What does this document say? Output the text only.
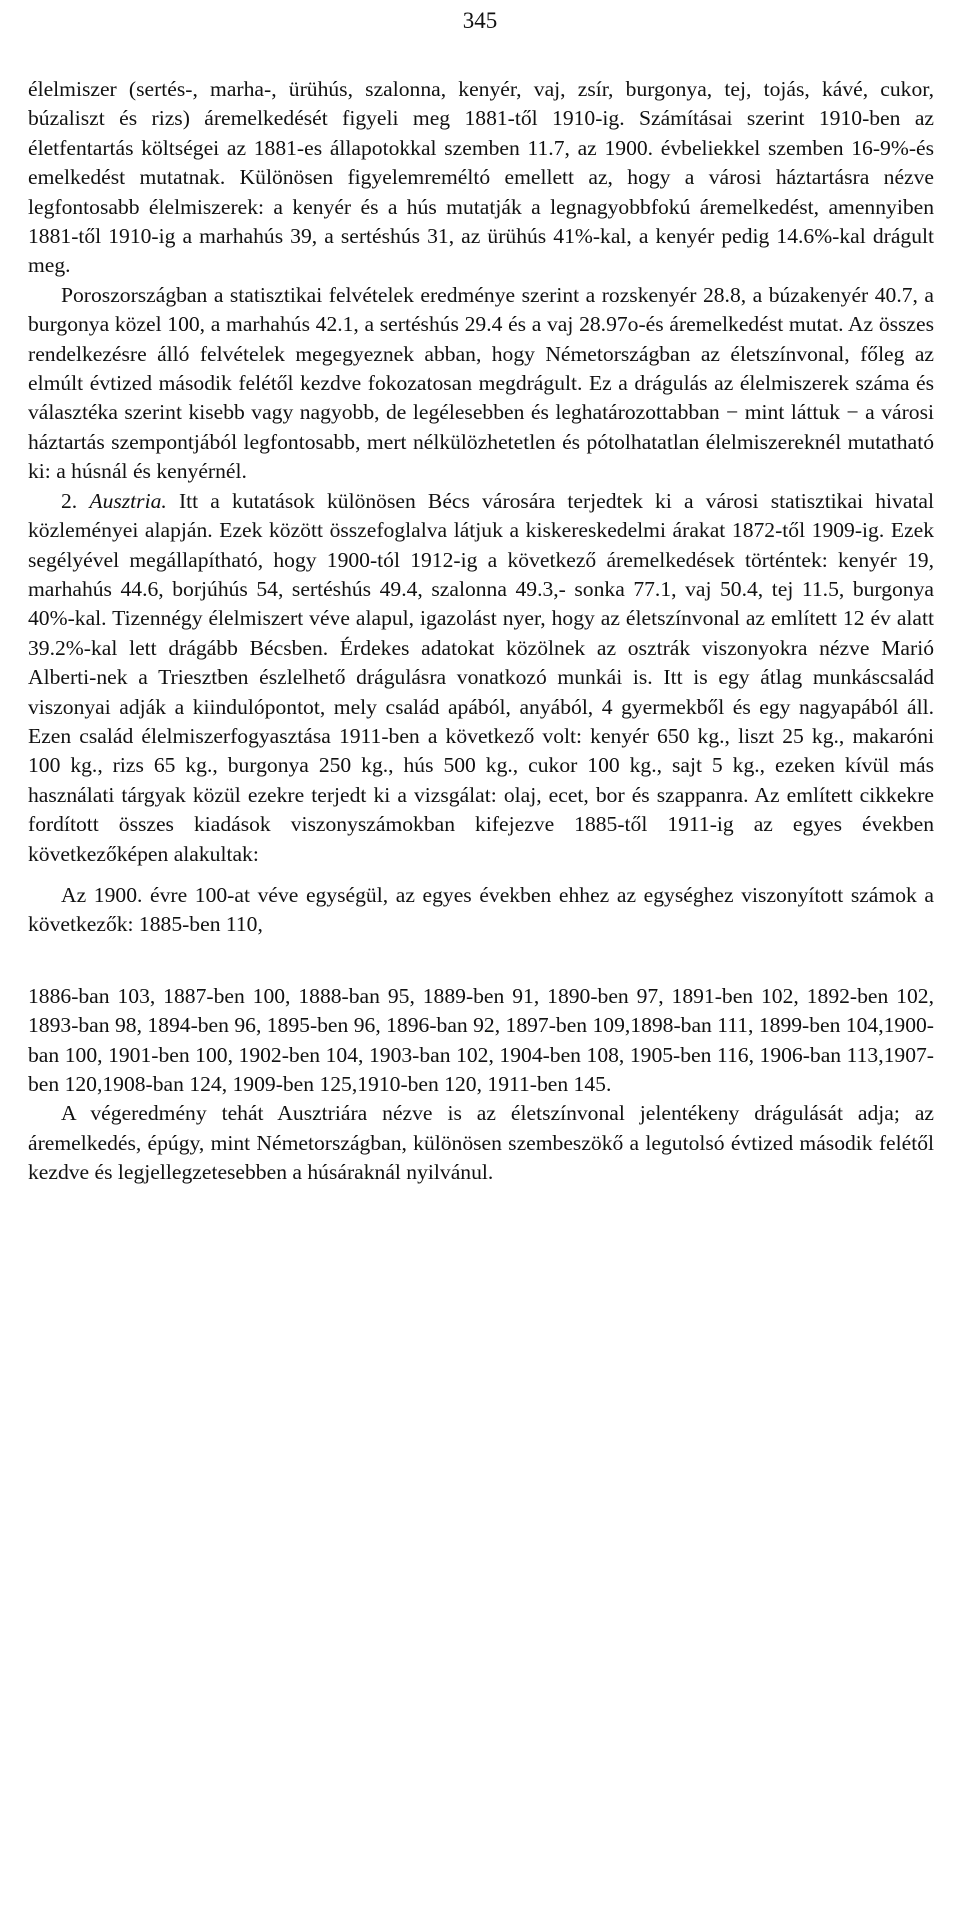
345

élelmiszer (sertés-, marha-, ürühús, szalonna, kenyér, vaj, zsír, burgonya, tej, tojás, kávé, cukor, búzaliszt és rizs) áremelkedését figyeli meg 1881-től 1910-ig. Számításai szerint 1910-ben az életfentartás költségei az 1881-es állapotokkal szemben 11.7, az 1900. évbeliekkel szemben 16-9%-és emelkedést mutatnak. Különösen figyelemreméltó emellett az, hogy a városi háztartásra nézve legfontosabb élelmiszerek: a kenyér és a hús mutatják a legnagyobbfokú áremelkedést, amennyiben 1881-től 1910-ig a marhahús 39, a sertéshús 31, az ürühús 41%-kal, a kenyér pedig 14.6%-kal drágult meg.

Poroszországban a statisztikai felvételek eredménye szerint a rozskenyér 28.8, a búzakenyér 40.7, a burgonya közel 100, a marhahús 42.1, a sertéshús 29.4 és a vaj 28.97o-és áremelkedést mutat. Az összes rendelkezésre álló felvételek megegyeznek abban, hogy Németországban az életszínvonal, főleg az elmúlt évtized második felétől kezdve fokozatosan megdrágult. Ez a drágulás az élelmiszerek száma és választéka szerint kisebb vagy nagyobb, de legélesebben és leghatározottabban − mint láttuk − a városi háztartás szempontjából legfontosabb, mert nélkülözhetetlen és pótolhatatlan élelmiszereknél mutatható ki: a húsnál és kenyérnél.

2. Ausztria. Itt a kutatások különösen Bécs városára terjedtek ki a városi statisztikai hivatal közleményei alapján. Ezek között összefoglalva látjuk a kiskereskedelmi árakat 1872-től 1909-ig. Ezek segélyével megállapítható, hogy 1900-tól 1912-ig a következő áremelkedések történtek: kenyér 19, marhahús 44.6, borjúhús 54, sertéshús 49.4, szalonna 49.3,- sonka 77.1, vaj 50.4, tej 11.5, burgonya 40%-kal. Tizennégy élelmiszert véve alapul, igazolást nyer, hogy az életszínvonal az említett 12 év alatt 39.2%-kal lett drágább Bécsben. Érdekes adatokat közölnek az osztrák viszonyokra nézve Marió Alberti-nek a Triesztben észlelhető drágulásra vonatkozó munkái is. Itt is egy átlag munkáscsalád viszonyai adják a kiindulópontot, mely család apából, anyából, 4 gyermekből és egy nagyapából áll. Ezen család élelmiszerfogyasztása 1911-ben a következő volt: kenyér 650 kg., liszt 25 kg., makaróni 100 kg., rizs 65 kg., burgonya 250 kg., hús 500 kg., cukor 100 kg., sajt 5 kg., ezeken kívül más használati tárgyak közül ezekre terjedt ki a vizsgálat: olaj, ecet, bor és szappanra. Az említett cikkekre fordított összes kiadások viszonyszámokban kifejezve 1885-től 1911-ig az egyes években következőképen alakultak:

Az 1900. évre 100-at véve egységül, az egyes években ehhez az egységhez viszonyított számok a következők: 1885-ben 110,

1886-ban 103, 1887-ben 100, 1888-ban 95, 1889-ben 91, 1890-ben 97, 1891-ben 102, 1892-ben 102, 1893-ban 98, 1894-ben 96, 1895-ben 96, 1896-ban 92, 1897-ben 109,1898-ban 111, 1899-ben 104,1900-ban 100, 1901-ben 100, 1902-ben 104, 1903-ban 102, 1904-ben 108, 1905-ben 116, 1906-ban 113,1907-ben 120,1908-ban 124, 1909-ben 125,1910-ben 120, 1911-ben 145.

A végeredmény tehát Ausztriára nézve is az életszínvonal jelentékeny drágulását adja; az áremelkedés, épúgy, mint Németországban, különösen szembeszökő a legutolsó évtized második felétől kezdve és legjellegzetesebben a húsáraknál nyilvánul.
